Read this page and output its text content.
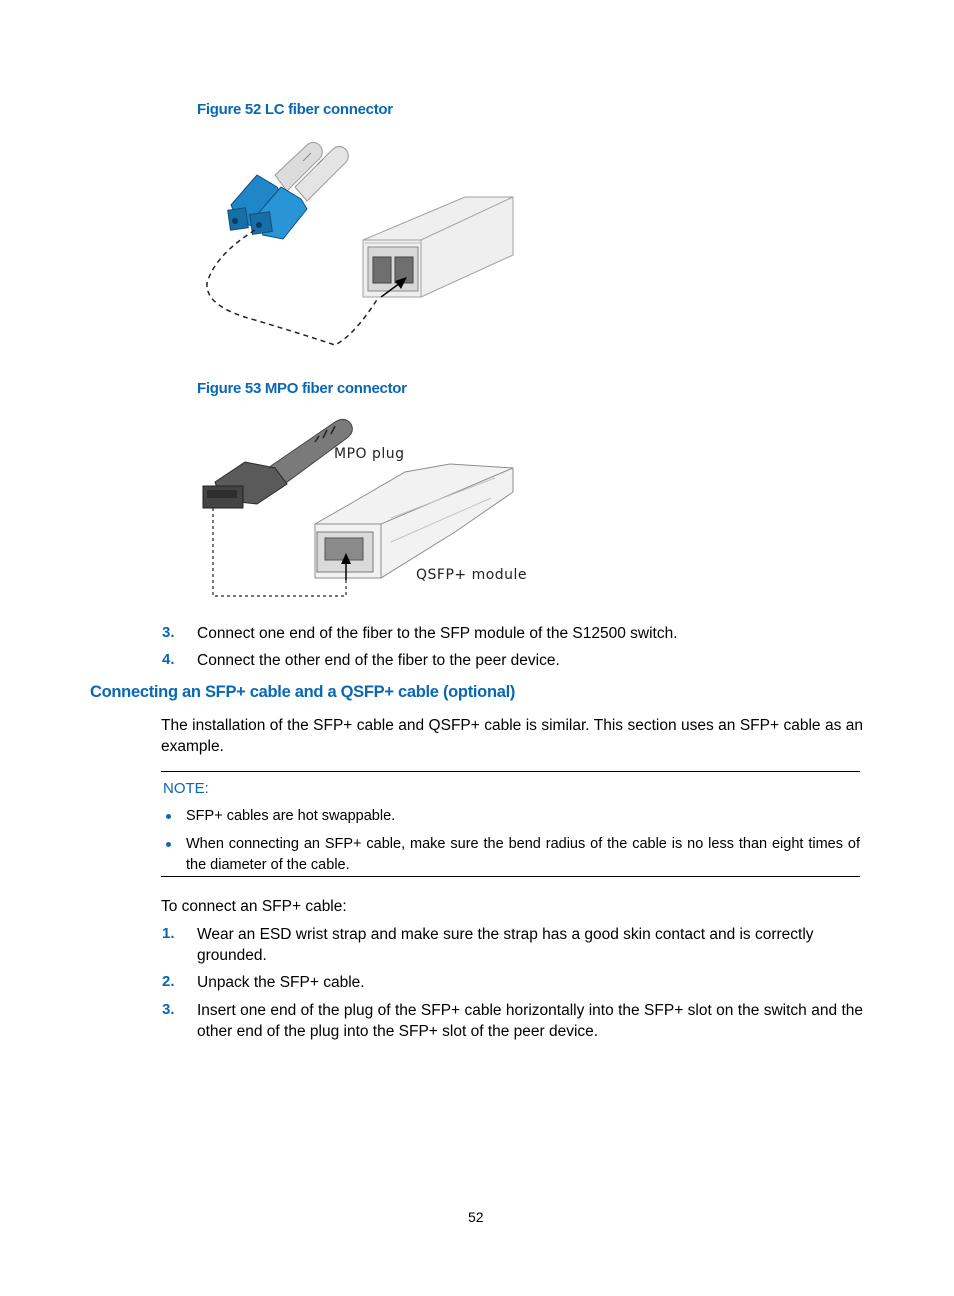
Figure 52 LC fiber connector
Figure 53 MPO fiber connector
MPO plug
QSFP+ module
3. Connect one end of the fiber to the SFP module of the S12500 switch.
4. Connect the other end of the fiber to the peer device.
Connecting an SFP+ cable and a QSFP+ cable (optional)
The installation of the SFP+ cable and QSFP+ cable is similar. This section uses an SFP+ cable as an
example.
NOTE:
SFP+ cables are hot swappable.
When connecting an SFP+ cable, make sure the bend radius of the cable is no less than eight times of
the diameter of the cable.
To connect an SFP+ cable:
1. Wear an ESD wrist strap and make sure the strap has a good skin contact and is correctly
grounded.
2. Unpack the SFP+ cable.
3. Insert one end of the plug of the SFP+ cable horizontally into the SFP+ slot on the switch and the
other end of the plug into the SFP+ slot of the peer device.
52
